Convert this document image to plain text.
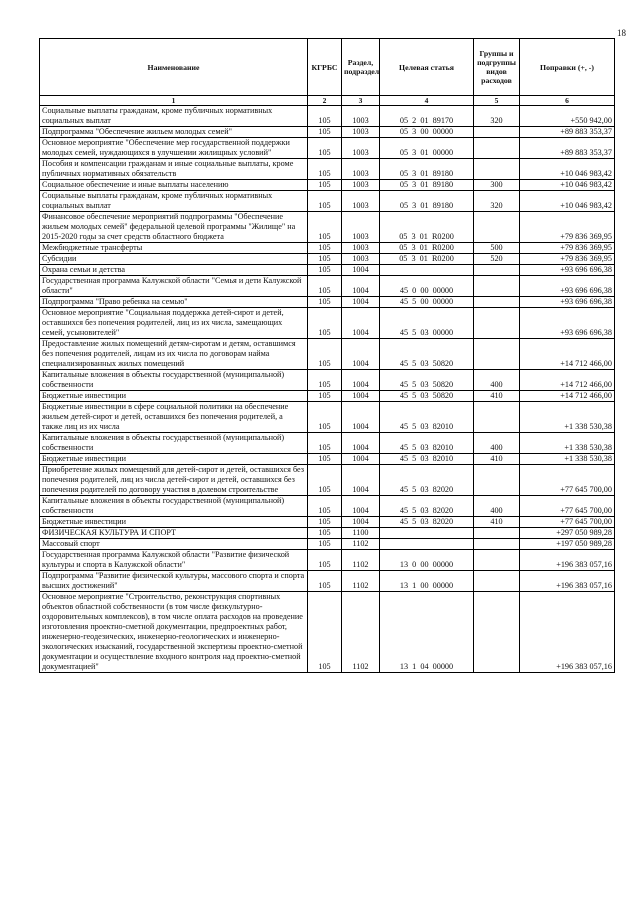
18
Наименование	КГРБС	Раздел, подраздел	Целевая статья	Группы и подгруппы видов расходов	Поправки (+, -)
1	2	3	4	5	6
Социальные выплаты гражданам, кроме публичных нормативных социальных выплат	105	1003	05  2  01  89170	320	+550 942,00
Подпрограмма "Обеспечение жильем молодых семей"	105	1003	05  3  00  00000		+89 883 353,37
Основное мероприятие "Обеспечение мер государственной поддержки молодых семей, нуждающихся в улучшении жилищных условий"	105	1003	05  3  01  00000		+89 883 353,37
Пособия и компенсации гражданам и иные социальные выплаты, кроме публичных нормативных обязательств	105	1003	05  3  01  89180		+10 046 983,42
Социальное обеспечение и иные выплаты населению	105	1003	05  3  01  89180	300	+10 046 983,42
Социальные выплаты гражданам, кроме публичных нормативных социальных выплат	105	1003	05  3  01  89180	320	+10 046 983,42
Финансовое обеспечение мероприятий подпрограммы "Обеспечение жильем молодых семей" федеральной целевой программы "Жилище" на 2015-2020 годы за счет средств областного бюджета	105	1003	05  3  01  R0200		+79 836 369,95
Межбюджетные трансферты	105	1003	05  3  01  R0200	500	+79 836 369,95
Субсидии	105	1003	05  3  01  R0200	520	+79 836 369,95
Охрана семьи и детства	105	1004			+93 696 696,38
Государственная программа Калужской области "Семья и дети Калужской области"	105	1004	45  0  00  00000		+93 696 696,38
Подпрограмма "Право ребенка на семью"	105	1004	45  5  00  00000		+93 696 696,38
Основное мероприятие "Социальная поддержка детей-сирот и детей, оставшихся без попечения родителей, лиц из их числа, замещающих семей, усыновителей"	105	1004	45  5  03  00000		+93 696 696,38
Предоставление жилых помещений детям-сиротам и детям, оставшимся без попечения родителей, лицам из их числа по договорам найма специализированных жилых помещений	105	1004	45  5  03  50820		+14 712 466,00
Капитальные вложения в объекты государственной (муниципальной) собственности	105	1004	45  5  03  50820	400	+14 712 466,00
Бюджетные инвестиции	105	1004	45  5  03  50820	410	+14 712 466,00
Бюджетные инвестиции в сфере социальной политики на обеспечение жильем детей-сирот и детей, оставшихся без попечения родителей, а также лиц из их числа	105	1004	45  5  03  82010		+1 338 530,38
Капитальные вложения в объекты государственной (муниципальной) собственности	105	1004	45  5  03  82010	400	+1 338 530,38
Бюджетные инвестиции	105	1004	45  5  03  82010	410	+1 338 530,38
Приобретение жилых помещений для детей-сирот и детей, оставшихся без попечения родителей, лиц из числа детей-сирот и детей, оставшихся без попечения родителей по договору участия в долевом строительстве	105	1004	45  5  03  82020		+77 645 700,00
Капитальные вложения в объекты государственной (муниципальной) собственности	105	1004	45  5  03  82020	400	+77 645 700,00
Бюджетные инвестиции	105	1004	45  5  03  82020	410	+77 645 700,00
ФИЗИЧЕСКАЯ КУЛЬТУРА И СПОРТ	105	1100			+297 050 989,28
Массовый спорт	105	1102			+197 050 989,28
Государственная программа Калужской области "Развитие физической культуры и спорта в Калужской области"	105	1102	13  0  00  00000		+196 383 057,16
Подпрограмма "Развитие физической культуры, массового спорта и спорта высших достижений"	105	1102	13  1  00  00000		+196 383 057,16
Основное мероприятие "Строительство, реконструкция спортивных объектов областной собственности (в том числе физкультурно-оздоровительных комплексов), в том числе оплата расходов на проведение изготовления проектно-сметной документации, предпроектных работ, инженерно-геодезических, инженерно-геологических и инженерно-экологических изысканий, государственной экспертизы проектно-сметной документации и осуществление входного контроля над проектно-сметной документацией"	105	1102	13  1  04  00000		+196 383 057,16
